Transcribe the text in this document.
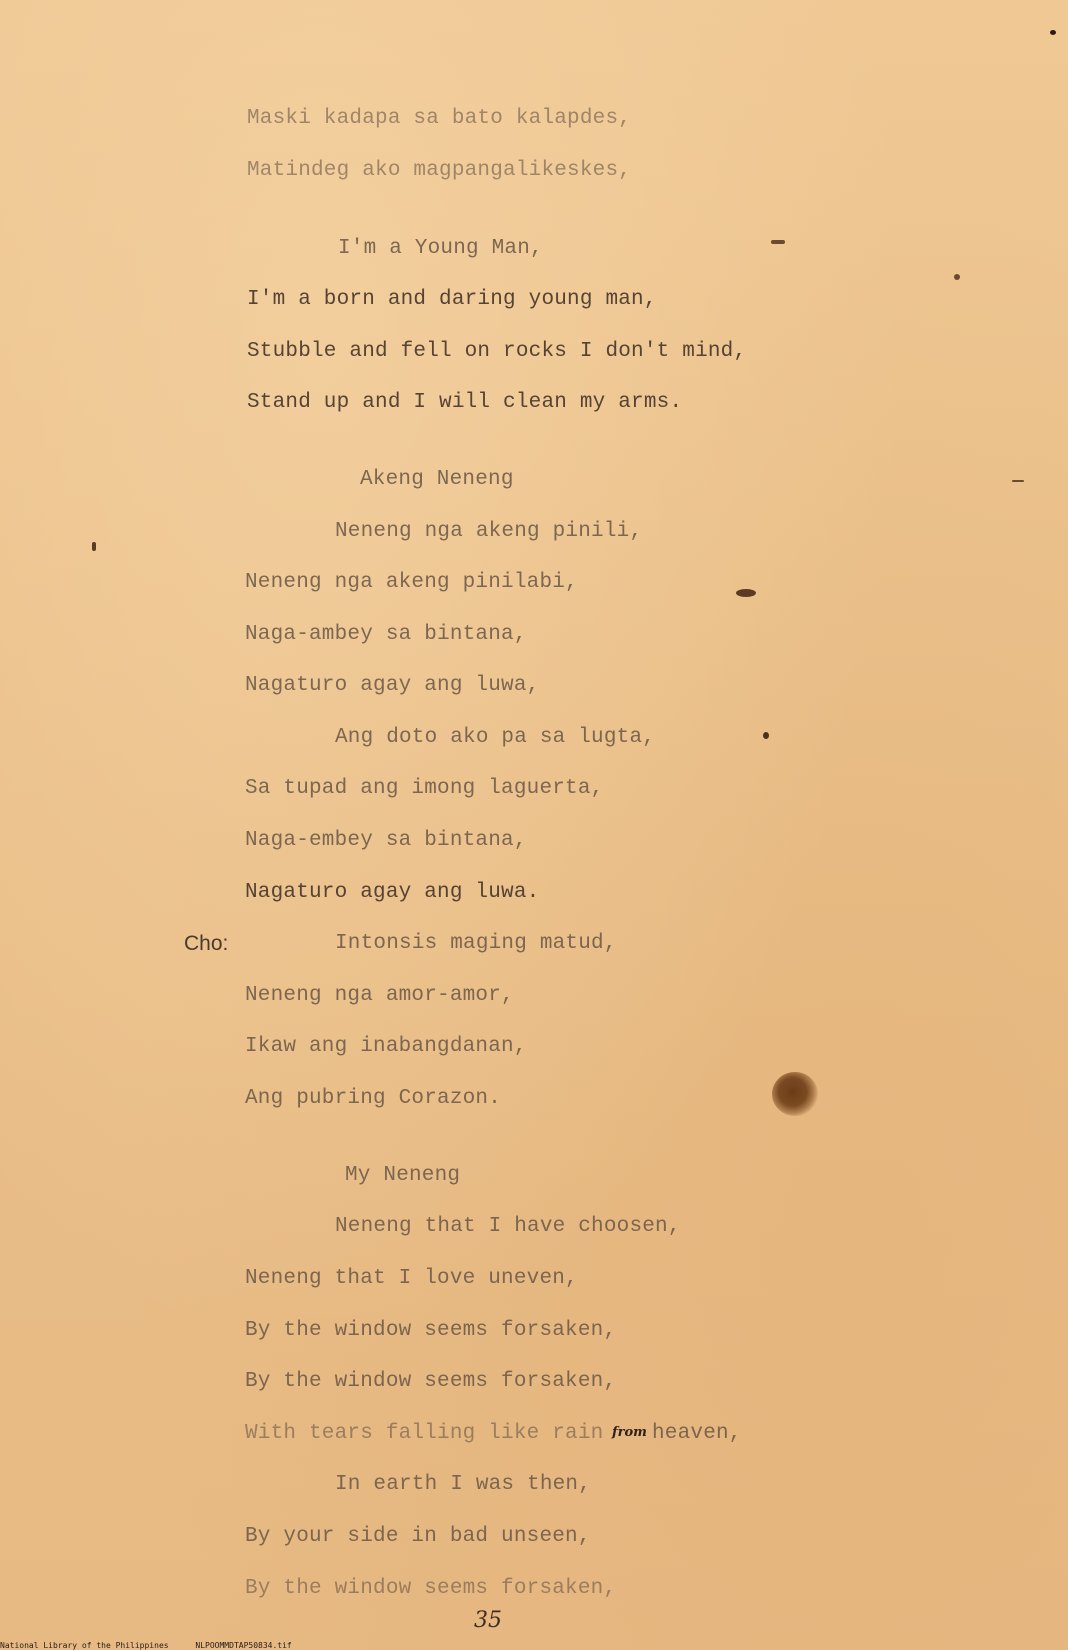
Maski kadapa sa bato kalapdes,
Matindeg ako magpangalikeskes,
I'm a Young Man,
I'm a born and daring young man,
Stubble and fell on rocks I don't mind,
Stand up and I will clean my arms.
Akeng Neneng
Neneng nga akeng pinili,
Neneng nga akeng pinilabi,
Naga-ambey sa bintana,
Nagaturo agay ang luwa,
Ang doto ako pa sa lugta,
Sa tupad ang imong laguerta,
Naga-embey sa bintana,
Nagaturo agay ang luwa.
Cho:	Intonsis maging matud,
Neneng nga amor-amor,
Ikaw ang inabangdanan,
Ang pubring Corazon.
My Neneng
Neneng that I have choosen,
Neneng that I love uneven,
By the window seems forsaken,
By the window seems forsaken,
With tears falling like rain from heaven,
In earth I was then,
By your side in bad unseen,
By the window seems forsaken,
35
National Library of the Philippines	NLPOOMMDTAP50834.tif
